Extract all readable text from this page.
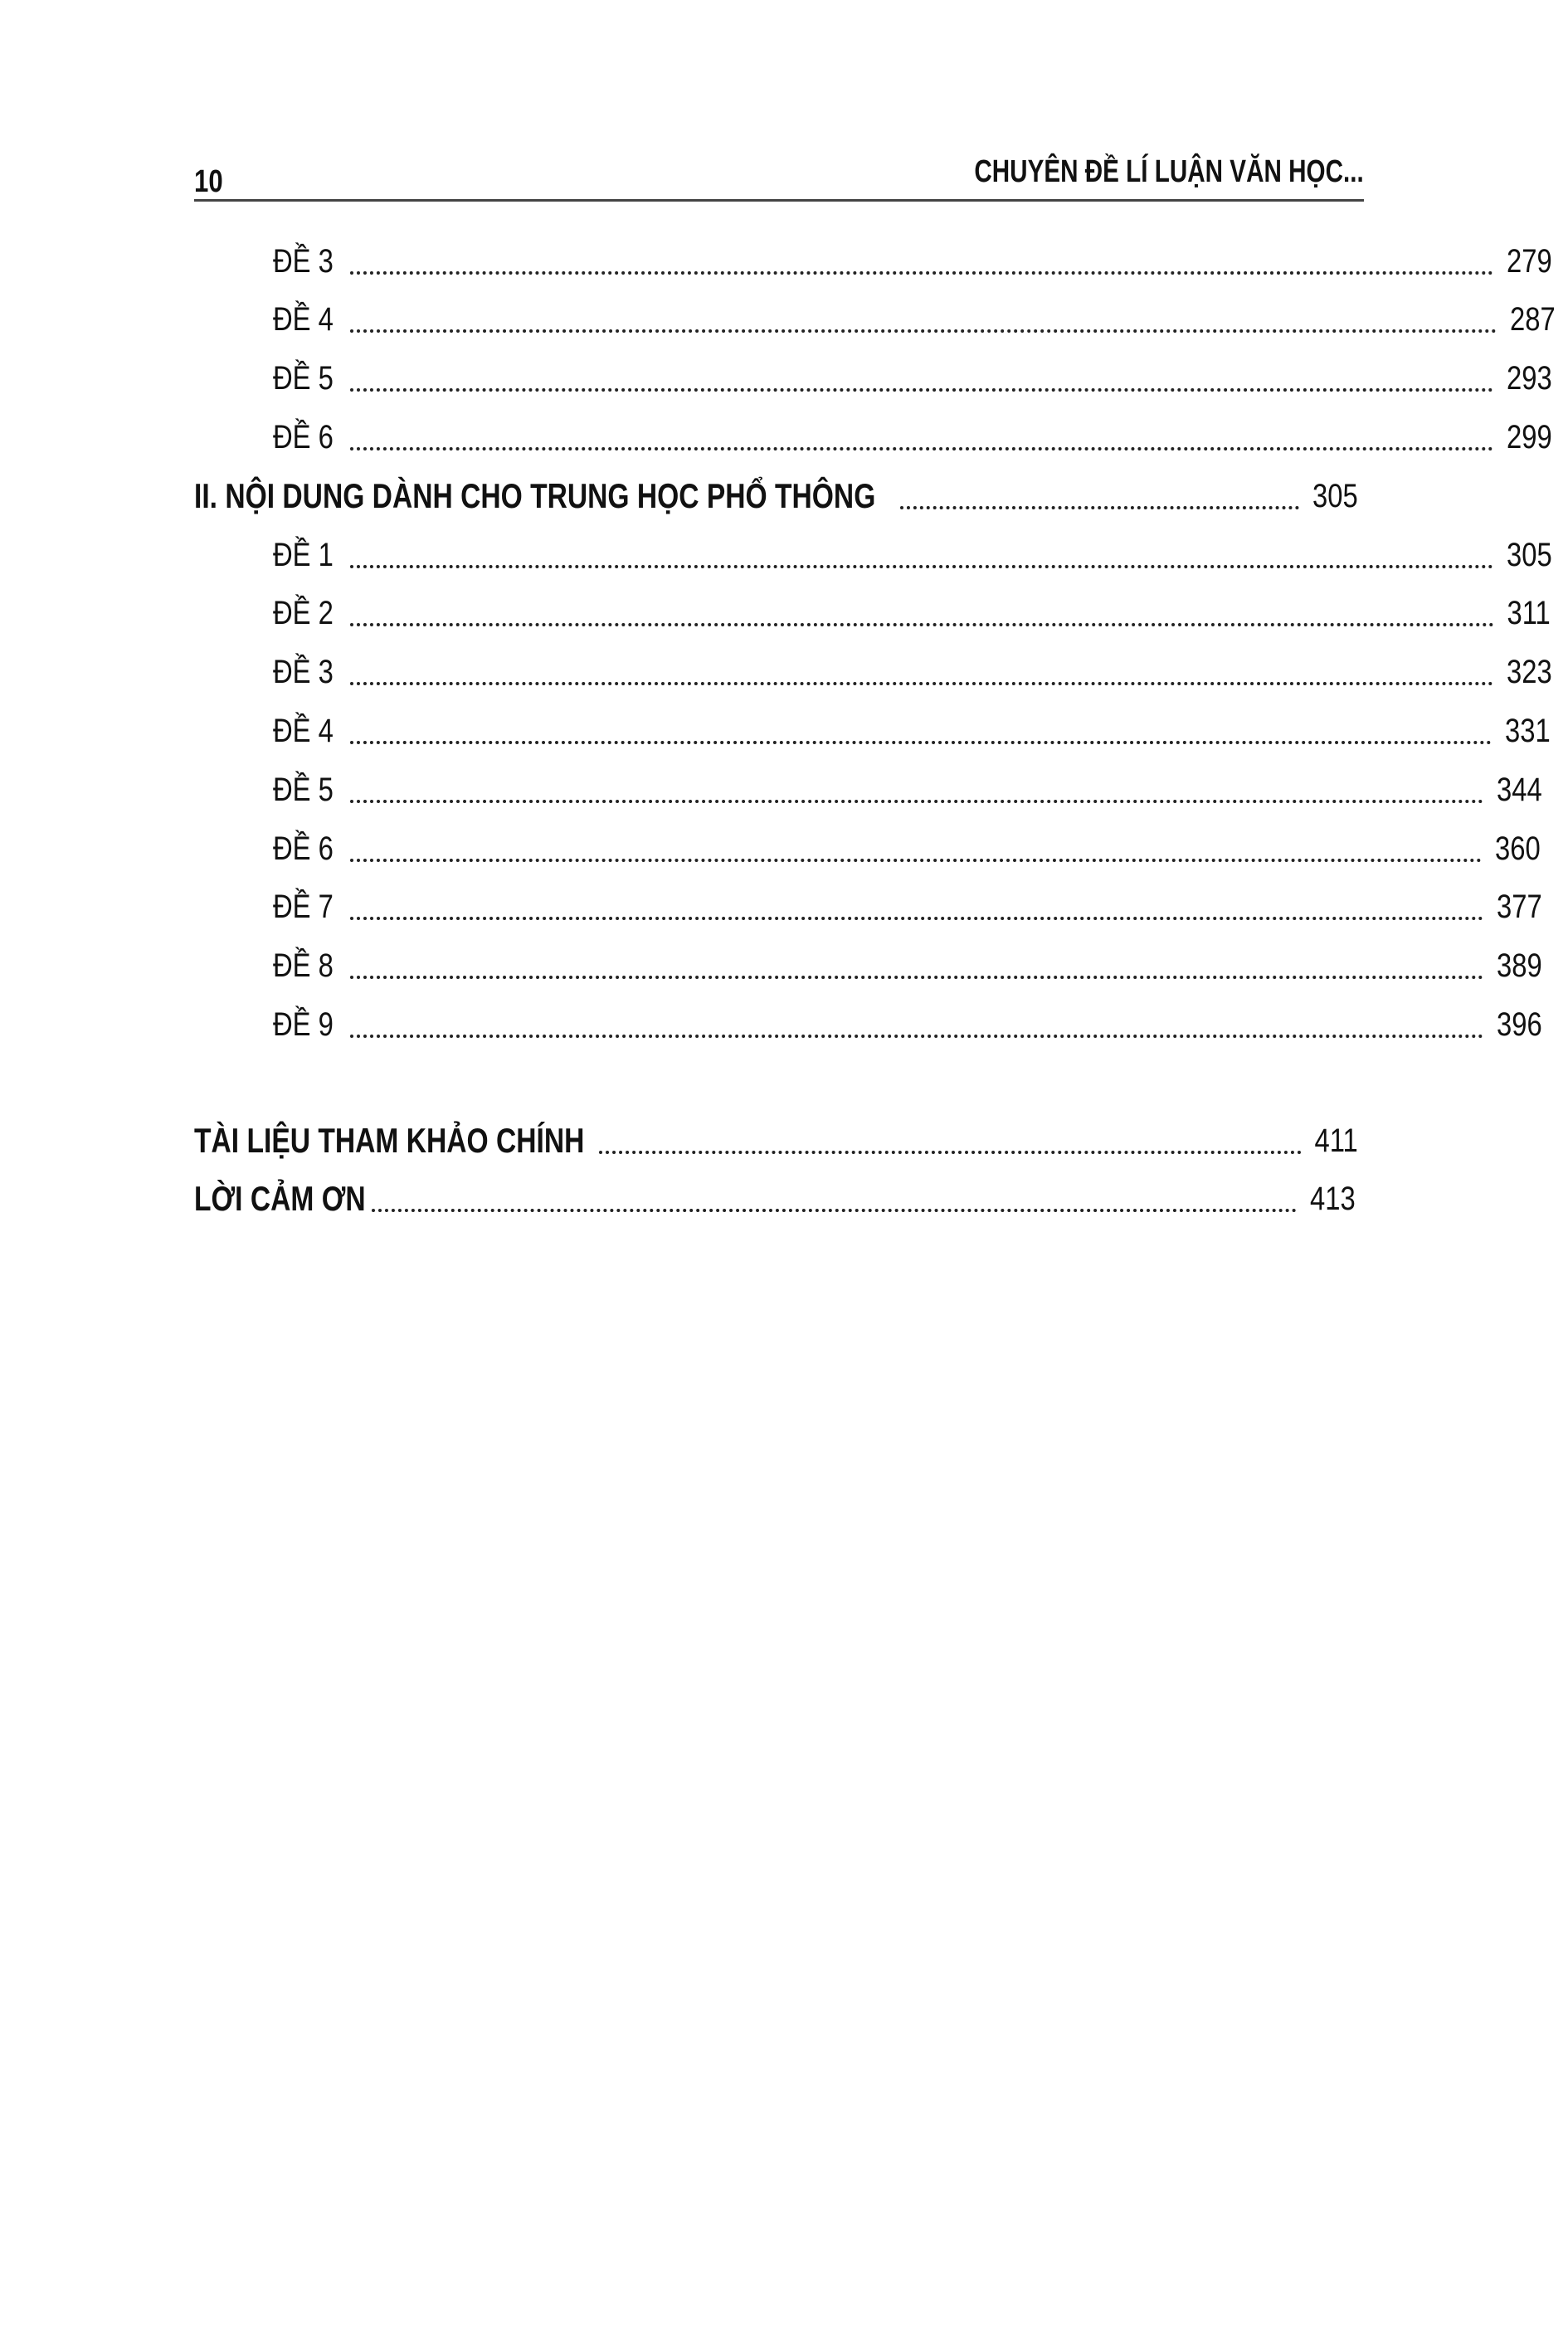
10	CHUYÊN ĐỀ LÍ LUẬN VĂN HỌC...
ĐỀ 3	279
ĐỀ 4	287
ĐỀ 5	293
ĐỀ 6	299
II. NỘI DUNG DÀNH CHO TRUNG HỌC PHỔ THÔNG	305
ĐỀ 1	305
ĐỀ 2	311
ĐỀ 3	323
ĐỀ 4	331
ĐỀ 5	344
ĐỀ 6	360
ĐỀ 7	377
ĐỀ 8	389
ĐỀ 9	396
TÀI LIỆU THAM KHẢO CHÍNH	411
LỜI CẢM ƠN	413
